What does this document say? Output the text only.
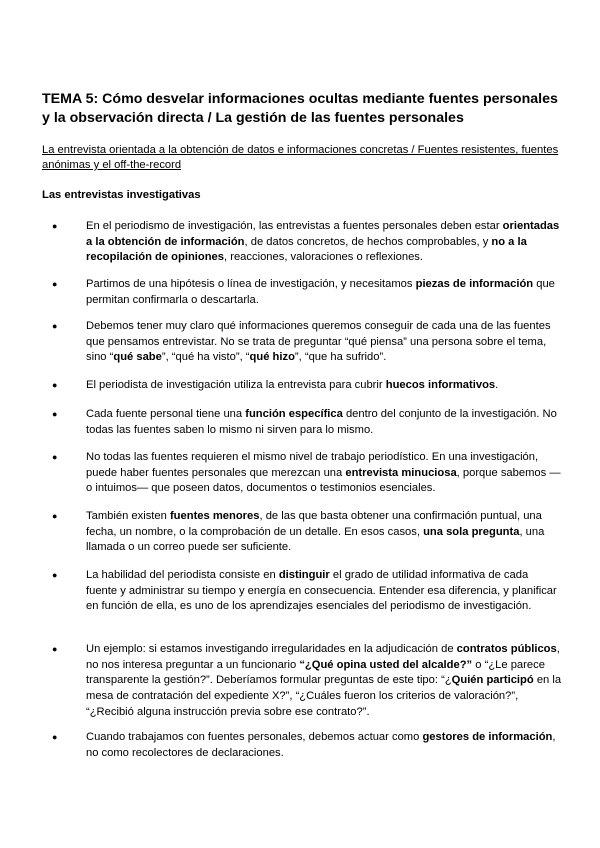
TEMA 5: Cómo desvelar informaciones ocultas mediante fuentes personales y la observación directa / La gestión de las fuentes personales

La entrevista orientada a la obtención de datos e informaciones concretas / Fuentes resistentes, fuentes anónimas y el off-the-record

Las entrevistas investigativas
●	En el periodismo de investigación, las entrevistas a fuentes personales deben estar orientadas a la obtención de información, de datos concretos, de hechos comprobables, y no a la recopilación de opiniones, reacciones, valoraciones o reflexiones.
●	Partimos de una hipótesis o línea de investigación, y necesitamos piezas de información que permitan confirmarla o descartarla.
●	Debemos tener muy claro qué informaciones queremos conseguir de cada una de las fuentes que pensamos entrevistar. No se trata de preguntar “qué piensa” una persona sobre el tema, sino “qué sabe”, “qué ha visto”, “qué hizo”, “que ha sufrido”.
●	El periodista de investigación utiliza la entrevista para cubrir huecos informativos.
●	Cada fuente personal tiene una función específica dentro del conjunto de la investigación. No todas las fuentes saben lo mismo ni sirven para lo mismo.
●	No todas las fuentes requieren el mismo nivel de trabajo periodístico. En una investigación, puede haber fuentes personales que merezcan una entrevista minuciosa, porque sabemos —o intuimos— que poseen datos, documentos o testimonios esenciales.
●	También existen fuentes menores, de las que basta obtener una confirmación puntual, una fecha, un nombre, o la comprobación de un detalle. En esos casos, una sola pregunta, una llamada o un correo puede ser suficiente.
●	La habilidad del periodista consiste en distinguir el grado de utilidad informativa de cada fuente y administrar su tiempo y energía en consecuencia. Entender esa diferencia, y planificar en función de ella, es uno de los aprendizajes esenciales del periodismo de investigación.
●	Un ejemplo: si estamos investigando irregularidades en la adjudicación de contratos públicos, no nos interesa preguntar a un funcionario “¿Qué opina usted del alcalde?” o “¿Le parece transparente la gestión?”. Deberíamos formular preguntas de este tipo: “¿Quién participó en la mesa de contratación del expediente X?”, “¿Cuáles fueron los criterios de valoración?”, “¿Recibió alguna instrucción previa sobre ese contrato?”.
●	Cuando trabajamos con fuentes personales, debemos actuar como gestores de información, no como recolectores de declaraciones.
